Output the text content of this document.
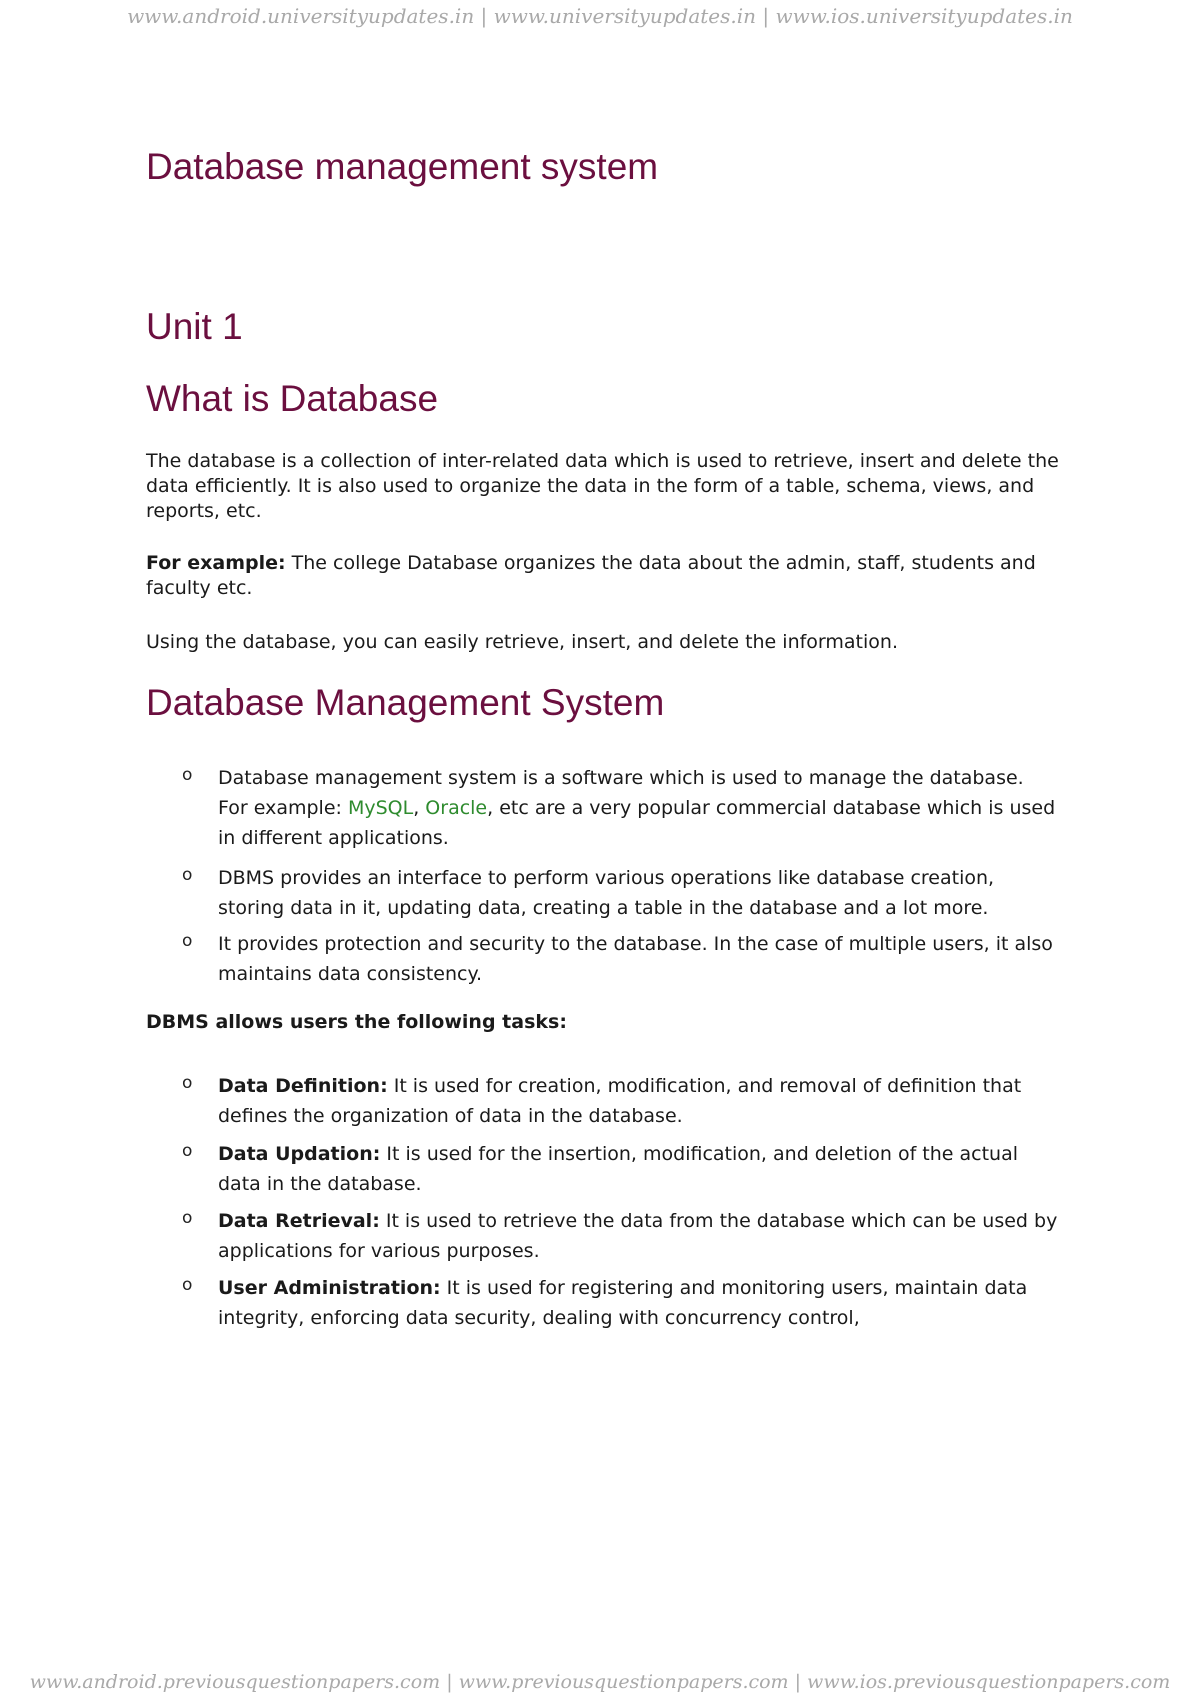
www.android.universityupdates.in | www.universityupdates.in | www.ios.universityupdates.in
Database management system
Unit 1
What is Database

The database is a collection of inter-related data which is used to retrieve, insert and delete the data efficiently. It is also used to organize the data in the form of a table, schema, views, and reports, etc.

For example: The college Database organizes the data about the admin, staff, students and faculty etc.

Using the database, you can easily retrieve, insert, and delete the information.

Database Management System
o Database management system is a software which is used to manage the database. For example: MySQL, Oracle, etc are a very popular commercial database which is used in different applications.
o DBMS provides an interface to perform various operations like database creation, storing data in it, updating data, creating a table in the database and a lot more.
o It provides protection and security to the database. In the case of multiple users, it also maintains data consistency.

DBMS allows users the following tasks:

o Data Definition: It is used for creation, modification, and removal of definition that defines the organization of data in the database.
o Data Updation: It is used for the insertion, modification, and deletion of the actual data in the database.
o Data Retrieval: It is used to retrieve the data from the database which can be used by applications for various purposes.
o User Administration: It is used for registering and monitoring users, maintain data integrity, enforcing data security, dealing with concurrency control,
www.android.previousquestionpapers.com | www.previousquestionpapers.com | www.ios.previousquestionpapers.com
